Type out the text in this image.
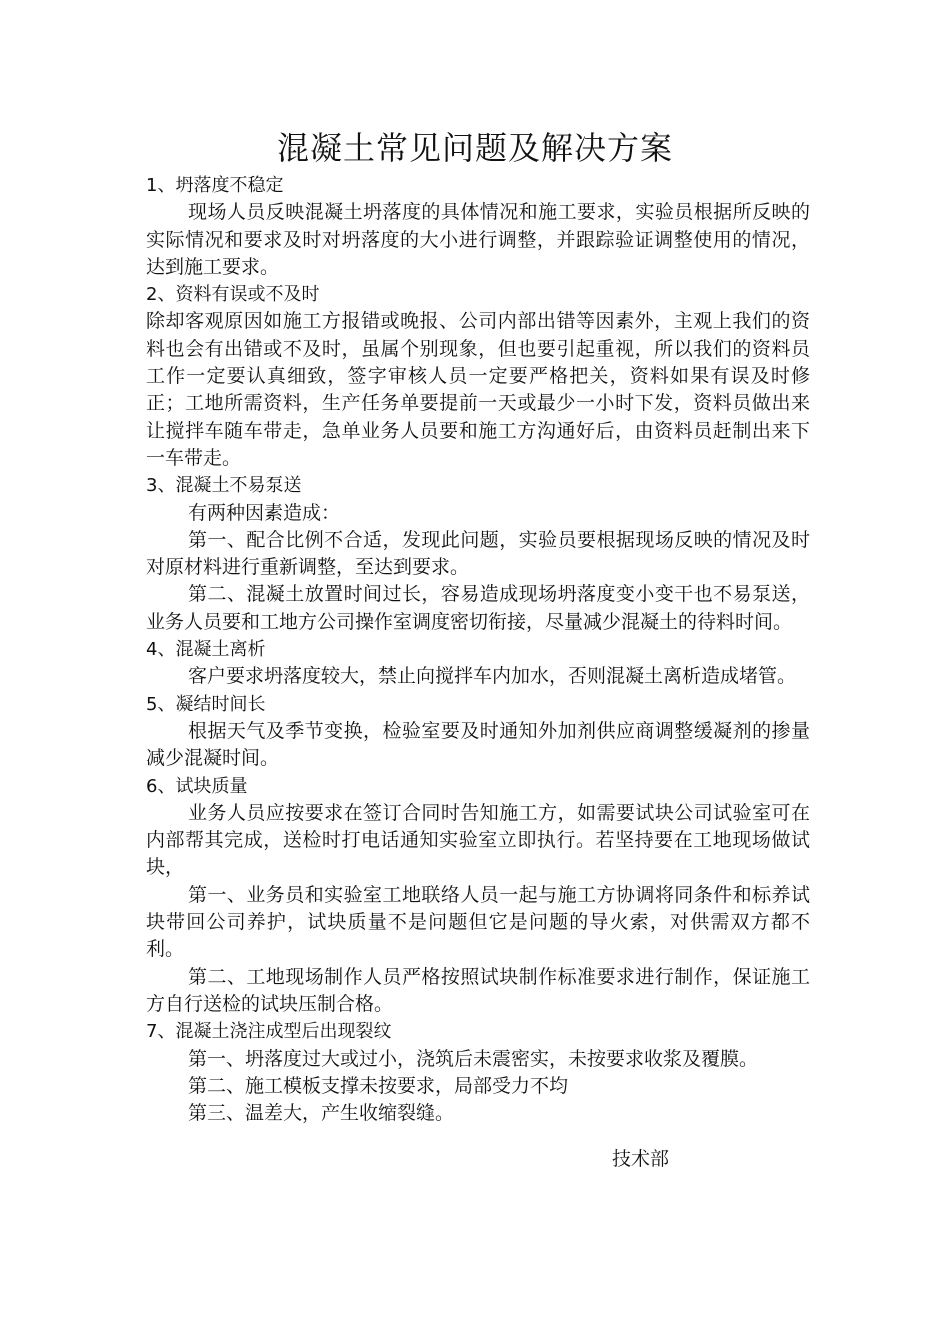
混凝土常见问题及解决方案

1、坍落度不稳定

现场人员反映混凝土坍落度的具体情况和施工要求，实验员根据所反映的实际情况和要求及时对坍落度的大小进行调整，并跟踪验证调整使用的情况，达到施工要求。

2、资料有误或不及时

除却客观原因如施工方报错或晚报、公司内部出错等因素外，主观上我们的资料也会有出错或不及时，虽属个别现象，但也要引起重视，所以我们的资料员工作一定要认真细致，签字审核人员一定要严格把关，资料如果有误及时修正；工地所需资料，生产任务单要提前一天或最少一小时下发，资料员做出来让搅拌车随车带走，急单业务人员要和施工方沟通好后，由资料员赶制出来下一车带走。

3、混凝土不易泵送

有两种因素造成：

第一、配合比例不合适，发现此问题，实验员要根据现场反映的情况及时对原材料进行重新调整，至达到要求。

第二、混凝土放置时间过长，容易造成现场坍落度变小变干也不易泵送，业务人员要和工地方公司操作室调度密切衔接，尽量减少混凝土的待料时间。

4、混凝土离析

客户要求坍落度较大，禁止向搅拌车内加水，否则混凝土离析造成堵管。

5、凝结时间长

根据天气及季节变换，检验室要及时通知外加剂供应商调整缓凝剂的掺量减少混凝时间。

6、试块质量

业务人员应按要求在签订合同时告知施工方，如需要试块公司试验室可在内部帮其完成，送检时打电话通知实验室立即执行。若坚持要在工地现场做试块，

第一、业务员和实验室工地联络人员一起与施工方协调将同条件和标养试块带回公司养护，试块质量不是问题但它是问题的导火索，对供需双方都不利。

第二、工地现场制作人员严格按照试块制作标准要求进行制作，保证施工方自行送检的试块压制合格。

7、混凝土浇注成型后出现裂纹

第一、坍落度过大或过小，浇筑后未震密实，未按要求收浆及覆膜。

第二、施工模板支撑未按要求，局部受力不均

第三、温差大，产生收缩裂缝。

技术部
